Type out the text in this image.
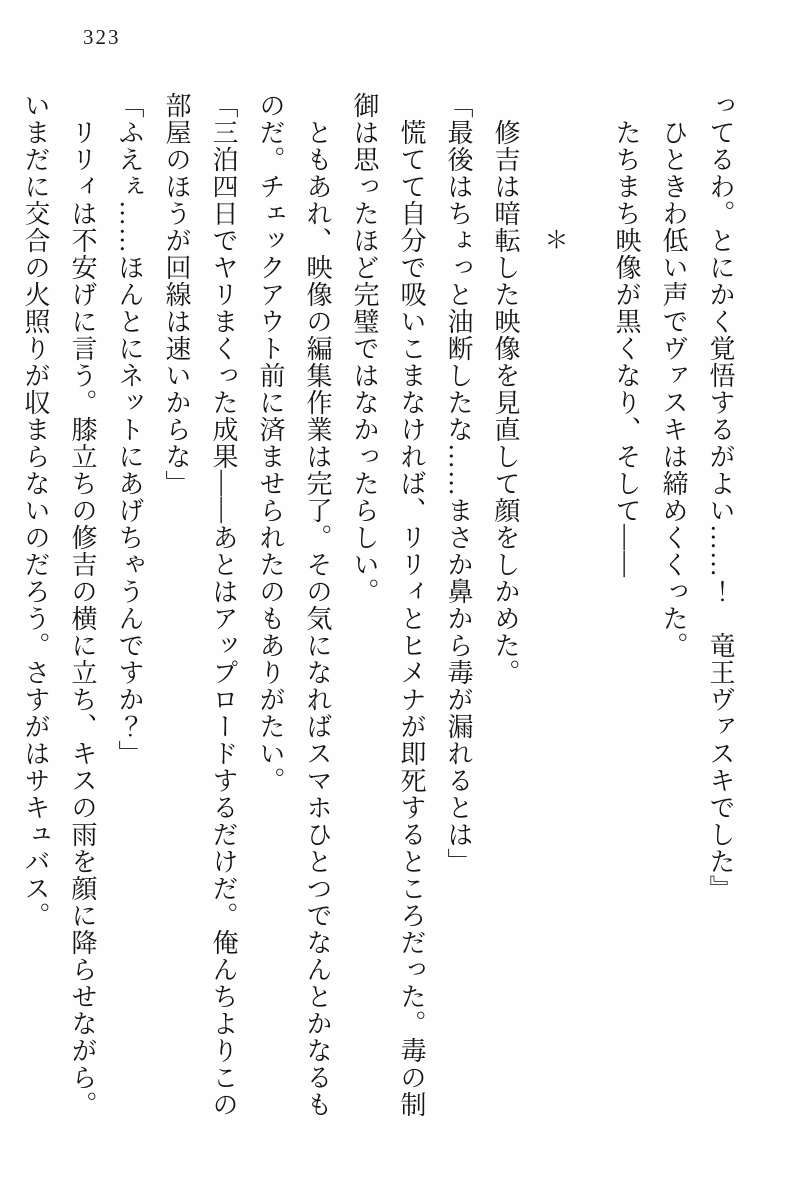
323

ってるわ。とにかく覚悟するがよい……！　竜王ヴァスキでした』

　ひときわ低い声でヴァスキは締めくくった。

　たちまち映像が黒くなり、そして――

＊

　修吉は暗転した映像を見直して顔をしかめた。

「最後はちょっと油断したな……まさか鼻から毒が漏れるとは」

　慌てて自分で吸いこまなければ、リリィとヒメナが即死するところだった。毒の制

御は思ったほど完璧ではなかったらしい。

　ともあれ、映像の編集作業は完了。その気になればスマホひとつでなんとかなるも

のだ。チェックアウト前に済ませられたのもありがたい。

「三泊四日でヤリまくった成果――あとはアップロードするだけだ。俺んちよりこの

部屋のほうが回線は速いからな」

「ふえぇ……ほんとにネットにあげちゃうんですか？」

　リリィは不安げに言う。膝立ちの修吉の横に立ち、キスの雨を顔に降らせながら。

いまだに交合の火照りが収まらないのだろう。さすがはサキュバス。
